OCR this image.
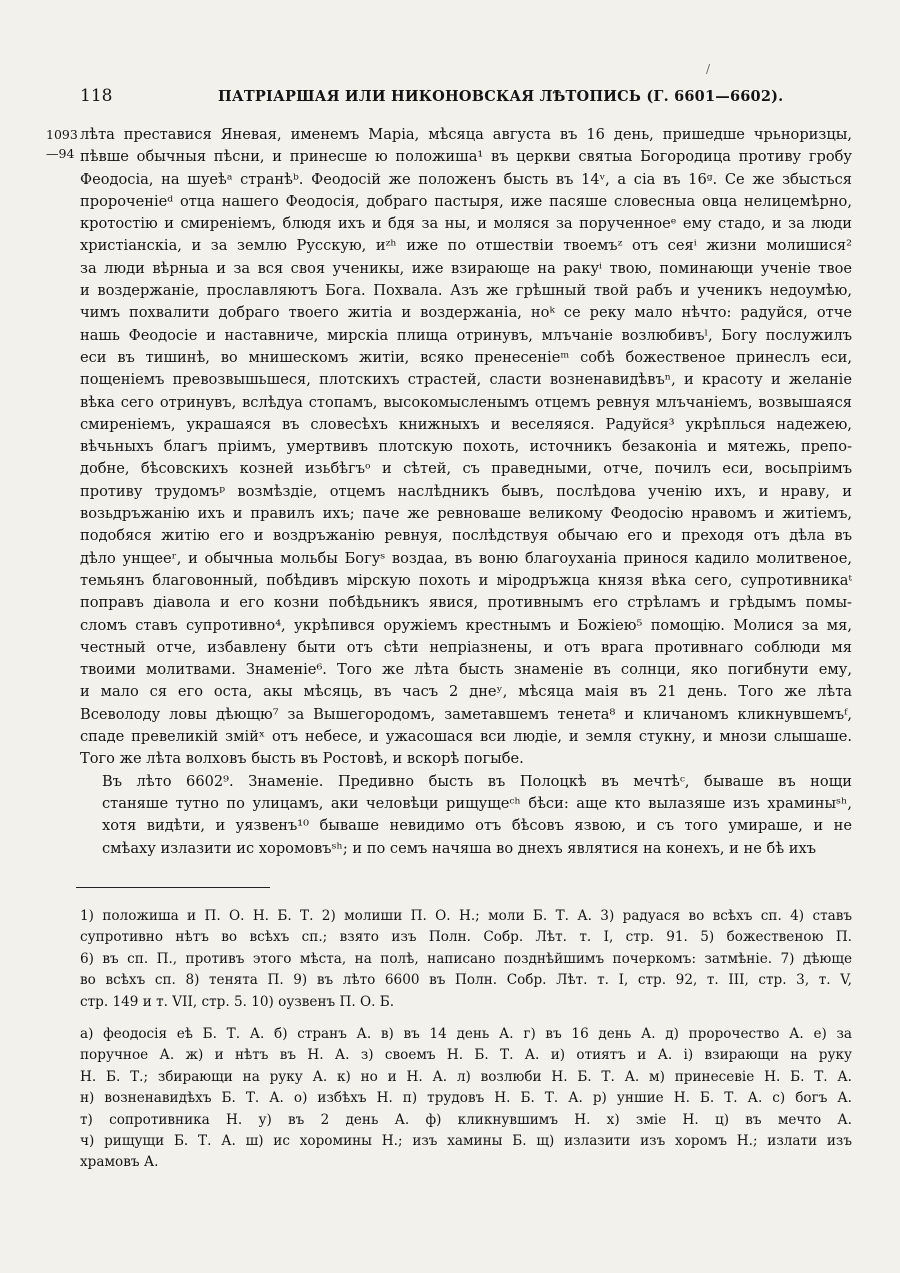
118	ПАТРІАРШАЯ ИЛИ НИКОНОВСКАЯ ЛѢТОПИСЬ (Г. 6601—6602).
/
1093
—94
лѣта преставися Яневая, именемъ Маріа, мѣсяца августа въ 16 день, пришедше чрьноризцы,
пѣвше обычныя пѣсни, и принесше ю положиша¹ въ церкви святыа Богородица противу гробу
Феодосіа, на шуеѣᵃ странѣᵇ. Феодосій же положенъ бысть въ 14ᵛ, а сіа въ 16ᵍ. Се же збысться
пророченіеᵈ отца нашего Феодосія, добраго пастыря, иже пасяше словесныа овца нелицемѣрно,
кротостію и смиреніемъ, блюдя ихъ и бдя за ны, и моляся за порученноеᵉ ему стадо, и за люди
христіанскіа, и за землю Русскую, иᶻʰ иже по отшествіи твоемъᶻ отъ сеяⁱ жизни молишися²
за люди вѣрныа и за вся своя ученикы, иже взирающе на ракуⁱ твою, поминающи ученіе твое
и воздержаніе, прославляютъ Бога. Похвала. Азъ же грѣшный твой рабъ и ученикъ недоумѣю,
чимъ похвалити добраго твоего житіа и воздержаніа, ноᵏ се реку мало нѣчто: радуйся, отче
нашь Феодосіе и наставниче, мирскіа плища отринувъ, млъчаніе возлюбивъˡ, Богу послужилъ
еси въ тишинѣ, во мнишескомъ житіи, всяко пренесеніеᵐ собѣ божественое принеслъ еси,
пощеніемъ превозвышьшеся, плотскихъ страстей, сласти возненавидѣвъⁿ, и красоту и желаніе
вѣка сего отринувъ, вслѣдуа стопамъ, высокомысленымъ отцемъ ревнуя млъчаніемъ, возвышаяся
смиреніемъ, украшаяся въ словесѣхъ книжныхъ и веселяяся. Радуйся³ укрѣплься надежею,
вѣчьныхъ благъ пріимъ, умертвивъ плотскую похоть, источникъ безаконіа и мятежь, препо-
добне, бѣсовскихъ козней изьбѣгъᵒ и сѣтей, съ праведными, отче, почилъ еси, восьпріимъ
противу трудомъᵖ возмѣздіе, отцемъ наслѣдникъ бывъ, послѣдова ученію ихъ, и нраву, и
возьдръжанію ихъ и правилъ ихъ; паче же ревноваше великому Феодосію нравомъ и житіемъ,
подобяся житію его и воздръжанію ревнуя, послѣдствуя обычаю его и преходя отъ дѣла въ
дѣло унщееʳ, и обычныа мольбы Богуˢ воздаа, въ воню благоуханіа принося кадило молитвеное,
темьянъ благовонный, побѣдивъ мірскую похоть и міродръжца князя вѣка сего, супротивникаᵗ
поправъ діавола и его козни побѣдьникъ явися, противнымъ его стрѣламъ и грѣдымъ помы-
сломъ ставъ супротивно⁴, укрѣпився оружіемъ крестнымъ и Божіею⁵ помощію. Молися за мя,
честный отче, избавлену быти отъ сѣти непріазнены, и отъ врага противнаго соблюди мя
твоими молитвами. Знаменіе⁶. Того же лѣта бысть знаменіе въ солнци, яко погибнути ему,
и мало ся его оста, акы мѣсяць, въ часъ 2 днеʸ, мѣсяца маія въ 21 день. Того же лѣта
Всеволоду ловы дѣющю⁷ за Вышегородомъ, заметавшемъ тенета⁸ и кличаномъ кликнувшемъᶠ,
спаде превеликій змійˣ отъ небесе, и ужасошася вси людіе, и земля стукну, и мнози слышаше.
Того же лѣта волховъ бысть въ Ростовѣ, и вскорѣ погыбе.
Въ лѣто 6602⁹. Знаменіе. Предивно бысть въ Полоцкѣ въ мечтѣᶜ, бываше въ нощи
станяше тутно по улицамъ, аки человѣци рищущеᶜʰ бѣси: аще кто вылазяше изъ храминыˢʰ,
хотя видѣти, и уязвенъ¹⁰ бываше невидимо отъ бѣсовъ язвою, и съ того умираше, и не
смѣаху излазити ис хоромовъˢʰ; и по семъ начяша во днехъ являтися на конехъ, и не бѣ ихъ
1) положиша и П. О. Н. Б. Т. 2) молиши П. О. Н.; моли Б. Т. А. 3) радуася во всѣхъ сп. 4) ставъ
супротивно нѣтъ во всѣхъ сп.; взято изъ Полн. Собр. Лѣт. т. I, стр. 91. 5) божественою П.
6) въ сп. П., противъ этого мѣста, на полѣ, написано позднѣйшимъ почеркомъ: затмѣніе. 7) дѣюще
во всѣхъ сп. 8) тенята П. 9) въ лѣто 6600 въ Полн. Собр. Лѣт. т. I, стр. 92, т. III, стр. 3, т. V,
стр. 149 и т. VII, стр. 5. 10) оузвенъ П. О. Б.
а) феодосія еѣ Б. Т. А. б) странъ А. в) въ 14 день А. г) въ 16 день А. д) пророчество А. е) за
поручное А. ж) и нѣтъ въ Н. А. з) своемъ Н. Б. Т. А. и) отиятъ и А. і) взирающи на руку
Н. Б. Т.; збирающи на руку А. к) но и Н. А. л) возлюби Н. Б. Т. А. м) принесевіе Н. Б. Т. А.
н) возненавидѣхъ Б. Т. А. о) избѣхъ Н. п) трудовъ Н. Б. Т. А. р) уншие Н. Б. Т. А. с) богъ А.
т) сопротивника Н. у) въ 2 день А. ф) кликнувшимъ Н. х) зміе Н. ц) въ мечто А.
ч) рищущи Б. Т. А. ш) ис хоромины Н.; изъ хамины Б. щ) излазити изъ хоромъ Н.; излати изъ
храмовъ А.
